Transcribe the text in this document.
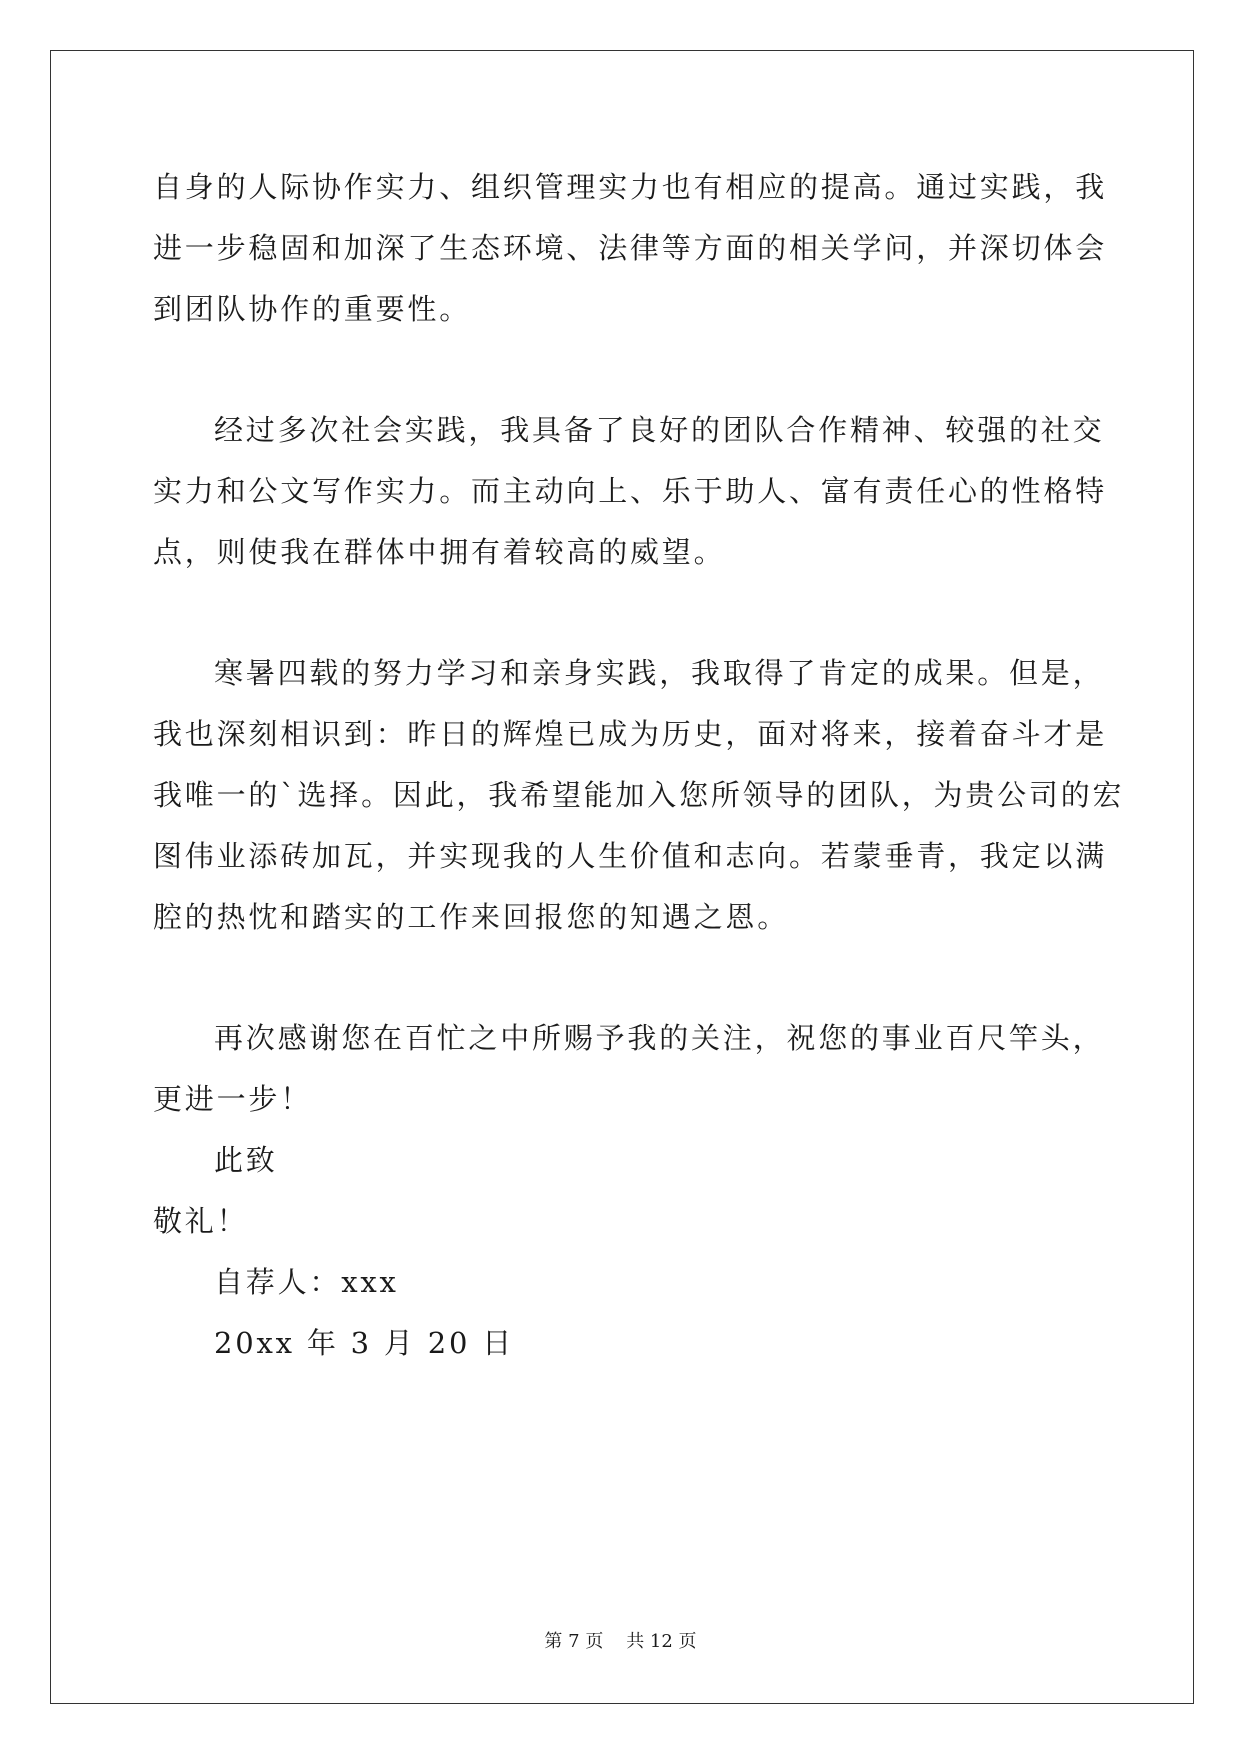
自身的人际协作实力、组织管理实力也有相应的提高。通过实践，我
进一步稳固和加深了生态环境、法律等方面的相关学问，并深切体会
到团队协作的重要性。
经过多次社会实践，我具备了良好的团队合作精神、较强的社交
实力和公文写作实力。而主动向上、乐于助人、富有责任心的性格特
点，则使我在群体中拥有着较高的威望。
寒暑四载的努力学习和亲身实践，我取得了肯定的成果。但是，
我也深刻相识到：昨日的辉煌已成为历史，面对将来，接着奋斗才是
我唯一的`选择。因此，我希望能加入您所领导的团队，为贵公司的宏
图伟业添砖加瓦，并实现我的人生价值和志向。若蒙垂青，我定以满
腔的热忱和踏实的工作来回报您的知遇之恩。
再次感谢您在百忙之中所赐予我的关注，祝您的事业百尺竿头，
更进一步！
此致
敬礼！
自荐人：xxx
20xx 年 3 月 20 日
第 7 页    共 12 页
